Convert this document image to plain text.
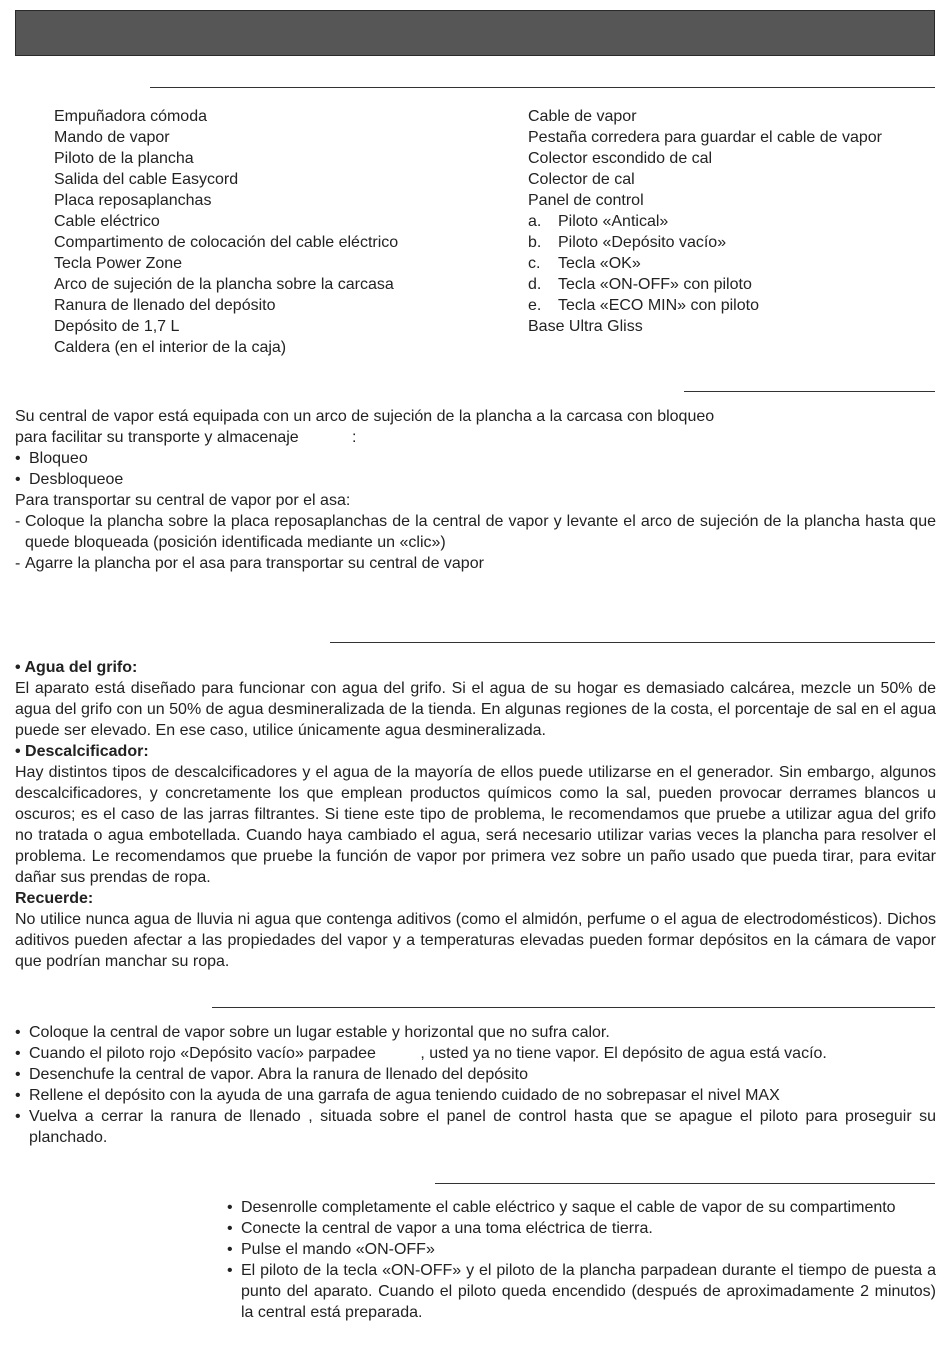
Empuñadora cómoda
Mando de vapor
Piloto de la plancha
Salida del cable Easycord
Placa reposaplanchas
Cable eléctrico
Compartimento de colocación del cable eléctrico
Tecla Power Zone
Arco de sujeción de la plancha sobre la carcasa
Ranura de llenado del depósito
Depósito de 1,7 L
Caldera (en el interior de la caja)
Cable de vapor
Pestaña corredera para guardar el cable de vapor
Colector escondido de cal
Colector de cal
Panel de control
a. Piloto «Antical»
b. Piloto «Depósito vacío»
c. Tecla «OK»
d. Tecla «ON-OFF» con piloto
e. Tecla «ECO MIN» con piloto
Base Ultra Gliss

Su central de vapor está equipada con un arco de sujeción de la plancha a la carcasa con bloqueo

para facilitar su transporte y almacenaje            :

• Bloqueo
• Desbloqueoe

Para transportar su central de vapor por el asa:

- Coloque la plancha sobre la placa reposaplanchas de la central de vapor y levante el arco de sujeción de la plancha hasta que quede bloqueada (posición identificada mediante un «clic»)
- Agarre la plancha por el asa para transportar su central de vapor

• Agua del grifo:

El aparato está diseñado para funcionar con agua del grifo. Si el agua de su hogar es demasiado calcárea, mezcle un 50% de agua del grifo con un 50% de agua desmineralizada de la tienda. En algunas regiones de la costa, el porcentaje de sal en el agua puede ser elevado. En ese caso, utilice únicamente agua desmineralizada.

• Descalcificador:

Hay distintos tipos de descalcificadores y el agua de la mayoría de ellos puede utilizarse en el generador. Sin embargo, algunos descalcificadores, y concretamente los que emplean productos químicos como la sal, pueden provocar derrames blancos u oscuros; es el caso de las jarras filtrantes. Si tiene este tipo de problema, le recomendamos que pruebe a utilizar agua del grifo no tratada o agua embotellada. Cuando haya cambiado el agua, será necesario utilizar varias veces la plancha para resolver el problema. Le recomendamos que pruebe la función de vapor por primera vez sobre un paño usado que pueda tirar, para evitar dañar sus prendas de ropa.

Recuerde:

No utilice nunca agua de lluvia ni agua que contenga aditivos (como el almidón, perfume o el agua de electrodomésticos). Dichos aditivos pueden afectar a las propiedades del vapor y a temperaturas elevadas pueden formar depósitos en la cámara de vapor que podrían manchar su ropa.

• Coloque la central de vapor sobre un lugar estable y horizontal que no sufra calor.
• Cuando el piloto rojo «Depósito vacío» parpadee          , usted ya no tiene vapor. El depósito de agua está vacío.
• Desenchufe la central de vapor. Abra la ranura de llenado del depósito
• Rellene el depósito con la ayuda de una garrafa de agua teniendo cuidado de no sobrepasar el nivel MAX
• Vuelva a cerrar la ranura de llenado , situada sobre el panel de control hasta que se apague el piloto para proseguir su planchado.
• Desenrolle completamente el cable eléctrico y saque el cable de vapor de su compartimento
• Conecte la central de vapor a una toma eléctrica de tierra.
• Pulse el mando «ON-OFF»
• El piloto de la tecla «ON-OFF» y el piloto de la plancha parpadean durante el tiempo de puesta a punto del aparato. Cuando el piloto queda encendido (después de aproximadamente 2 minutos) la central está preparada.
